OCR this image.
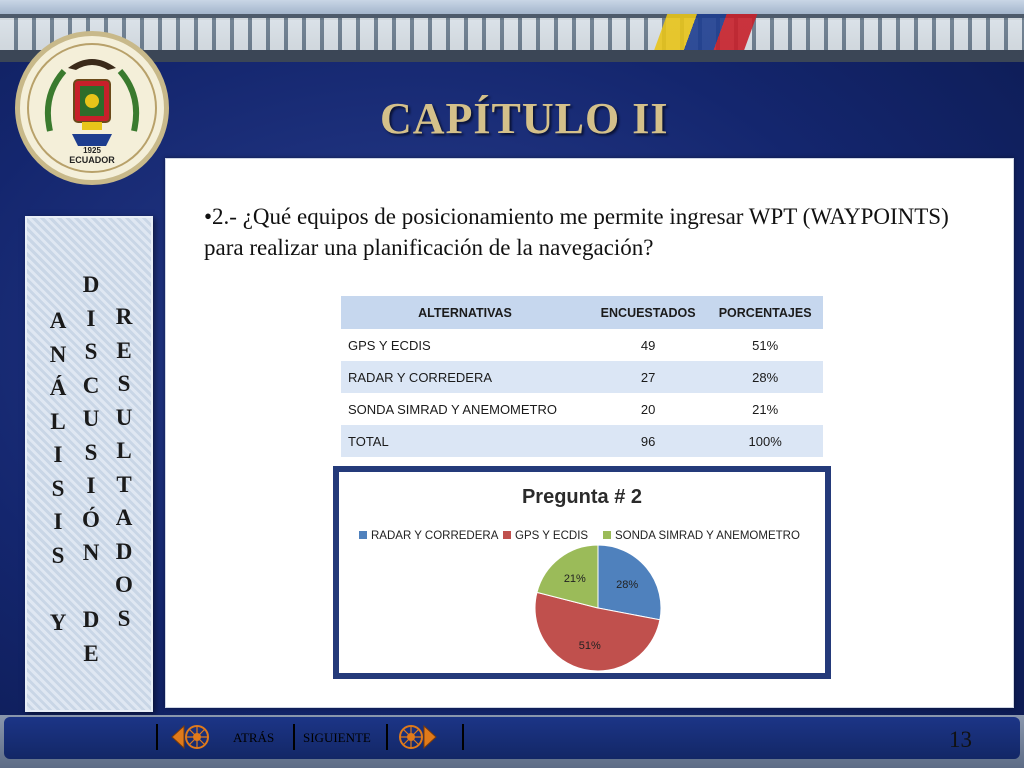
1925
ECUADOR
CAPÍTULO II
A
N
Á
L
I
S
I
S

Y
D
I
S
C
U
S
I
Ó
N

D
E
R
E
S
U
L
T
A
D
O
S
•2.- ¿Qué equipos de posicionamiento me permite ingresar WPT (WAYPOINTS) para realizar una planificación de la navegación?
ALTERNATIVAS	ENCUESTADOS	PORCENTAJES
GPS Y ECDIS	49	51%
RADAR Y CORREDERA	27	28%
SONDA SIMRAD Y ANEMOMETRO	20	21%
TOTAL	96	100%
Pregunta # 2
RADAR Y CORREDERA	GPS Y ECDIS	SONDA SIMRAD Y ANEMOMETRO
28%
51%
21%
ATRÁS SIGUIENTE	13
